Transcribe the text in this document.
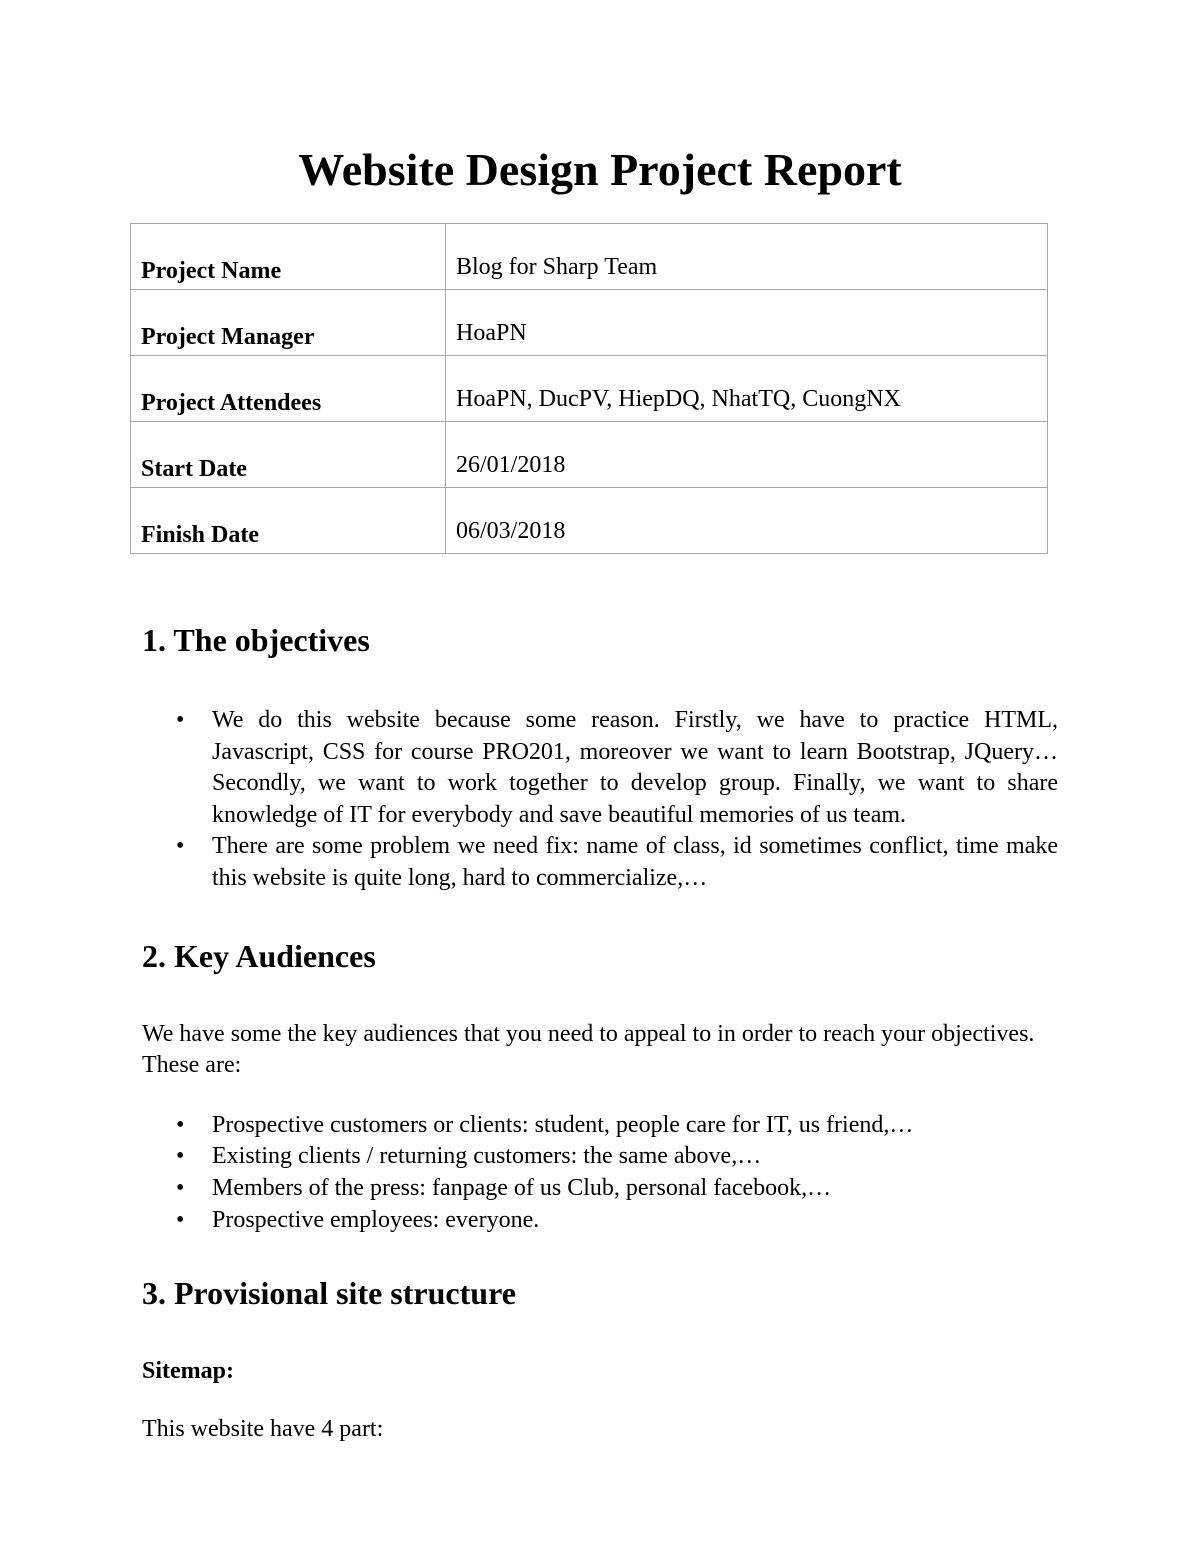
Website Design Project Report
Project Name	Blog for Sharp Team
Project Manager	HoaPN
Project Attendees	HoaPN, DucPV, HiepDQ, NhatTQ, CuongNX
Start Date	26/01/2018
Finish Date	06/03/2018
1. The objectives
• We do this website because some reason. Firstly, we have to practice HTML, Javascript, CSS for course PRO201, moreover we want to learn Bootstrap, JQuery… Secondly, we want to work together to develop group. Finally, we want to share knowledge of IT for everybody and save beautiful memories of us team.
• There are some problem we need fix: name of class, id sometimes conflict, time make this website is quite long, hard to commercialize,…
2. Key Audiences

We have some the key audiences that you need to appeal to in order to reach your objectives. These are:

• Prospective customers or clients: student, people care for IT, us friend,…
• Existing clients / returning customers: the same above,…
• Members of the press: fanpage of us Club, personal facebook,…
• Prospective employees: everyone.
3. Provisional site structure

Sitemap:

This website have 4 part:
